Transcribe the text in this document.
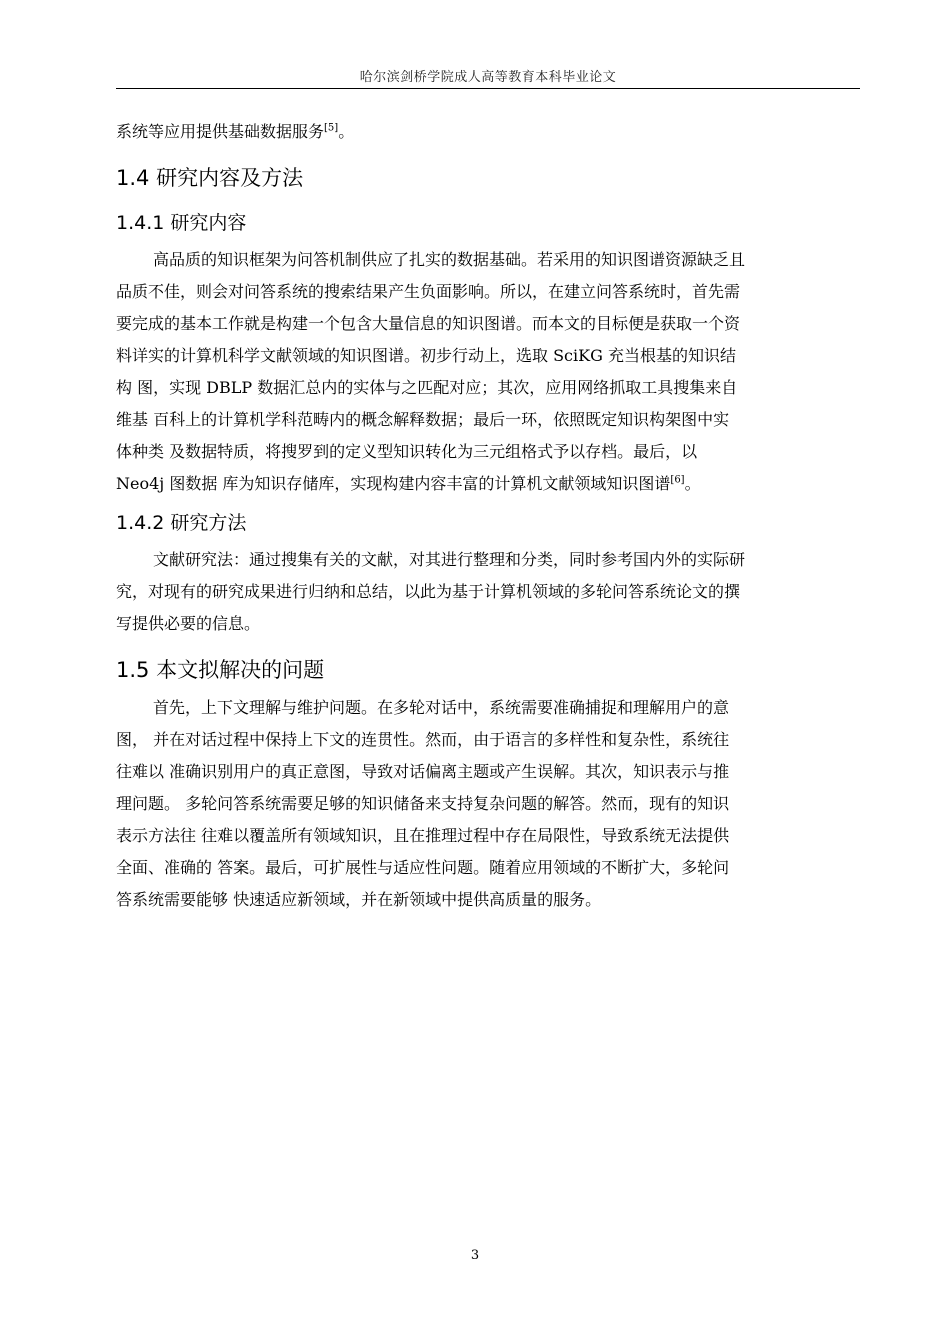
哈尔滨剑桥学院成人高等教育本科毕业论文

系统等应用提供基础数据服务[5]。

1.4 研究内容及方法
1.4.1 研究内容
高品质的知识框架为问答机制供应了扎实的数据基础。若采用的知识图谱资源缺乏且
品质不佳，则会对问答系统的搜索结果产生负面影响。所以，在建立问答系统时，首先需
要完成的基本工作就是构建一个包含大量信息的知识图谱。而本文的目标便是获取一个资
料详实的计算机科学文献领域的知识图谱。初步行动上，选取 SciKG 充当根基的知识结
构 图，实现 DBLP 数据汇总内的实体与之匹配对应；其次，应用网络抓取工具搜集来自
维基 百科上的计算机学科范畴内的概念解释数据；最后一环，依照既定知识构架图中实
体种类 及数据特质，将搜罗到的定义型知识转化为三元组格式予以存档。最后，以
Neo4j 图数据 库为知识存储库，实现构建内容丰富的计算机文献领域知识图谱[6]。
1.4.2 研究方法
文献研究法：通过搜集有关的文献，对其进行整理和分类，同时参考国内外的实际研
究，对现有的研究成果进行归纳和总结，以此为基于计算机领域的多轮问答系统论文的撰
写提供必要的信息。
1.5 本文拟解决的问题
首先，上下文理解与维护问题。在多轮对话中，系统需要准确捕捉和理解用户的意
图， 并在对话过程中保持上下文的连贯性。然而，由于语言的多样性和复杂性，系统往
往难以 准确识别用户的真正意图，导致对话偏离主题或产生误解。其次，知识表示与推
理问题。 多轮问答系统需要足够的知识储备来支持复杂问题的解答。然而，现有的知识
表示方法往 往难以覆盖所有领域知识，且在推理过程中存在局限性，导致系统无法提供
全面、准确的 答案。最后，可扩展性与适应性问题。随着应用领域的不断扩大，多轮问
答系统需要能够 快速适应新领域，并在新领域中提供高质量的服务。
3
